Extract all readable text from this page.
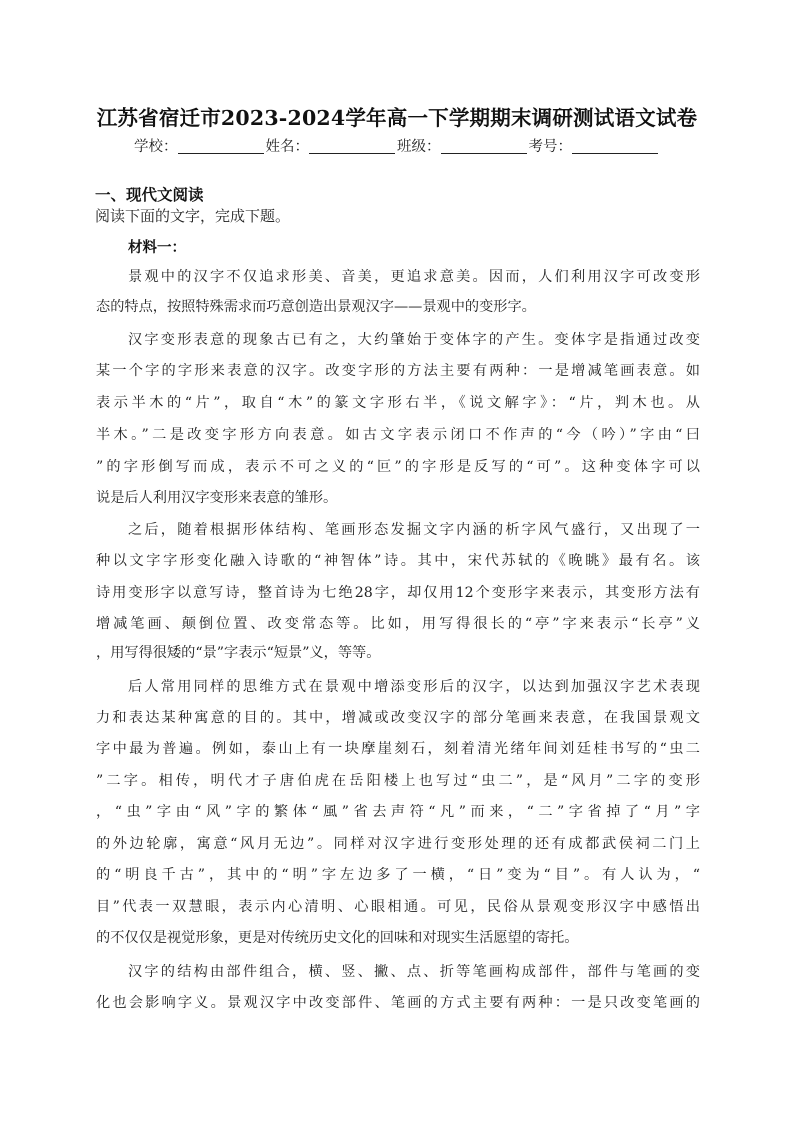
江苏省宿迁市2023-2024学年高一下学期期末调研测试语文试卷
学校：	姓名：	班级：	考号：
一、现代文阅读
阅读下面的文字，完成下题。
材料一：
景观中的汉字不仅追求形美、音美，更追求意美。因而，人们利用汉字可改变形
态的特点，按照特殊需求而巧意创造出景观汉字——景观中的变形字。
汉字变形表意的现象古已有之，大约肇始于变体字的产生。变体字是指通过改变
某一个字的字形来表意的汉字。改变字形的方法主要有两种：一是增减笔画表意。如
表示半木的“片”，取自“木”的篆文字形右半，《说文解字》：“片，判木也。从
半木。”二是改变字形方向表意。如古文字表示闭口不作声的“今（吟）”字由“曰
”的字形倒写而成，表示不可之义的“叵”的字形是反写的“可”。这种变体字可以
说是后人利用汉字变形来表意的雏形。
之后，随着根据形体结构、笔画形态发掘文字内涵的析字风气盛行，又出现了一
种以文字字形变化融入诗歌的“神智体”诗。其中，宋代苏轼的《晚眺》最有名。该
诗用变形字以意写诗，整首诗为七绝28字，却仅用12个变形字来表示，其变形方法有
增减笔画、颠倒位置、改变常态等。比如，用写得很长的“亭”字来表示“长亭”义
，用写得很矮的“景”字表示“短景”义，等等。
后人常用同样的思维方式在景观中增添变形后的汉字，以达到加强汉字艺术表现
力和表达某种寓意的目的。其中，增减或改变汉字的部分笔画来表意，在我国景观文
字中最为普遍。例如，泰山上有一块摩崖刻石，刻着清光绪年间刘廷桂书写的“虫二
”二字。相传，明代才子唐伯虎在岳阳楼上也写过“虫二”，是“风月”二字的变形
，“虫”字由“风”字的繁体“風”省去声符“凡”而来，“二”字省掉了“月”字
的外边轮廓，寓意“风月无边”。同样对汉字进行变形处理的还有成都武侯祠二门上
的“明良千古”，其中的“明”字左边多了一横，“日”变为“目”。有人认为，“
目”代表一双慧眼，表示内心清明、心眼相通。可见，民俗从景观变形汉字中感悟出
的不仅仅是视觉形象，更是对传统历史文化的回味和对现实生活愿望的寄托。
汉字的结构由部件组合，横、竖、撇、点、折等笔画构成部件，部件与笔画的变
化也会影响字义。景观汉字中改变部件、笔画的方式主要有两种：一是只改变笔画的
